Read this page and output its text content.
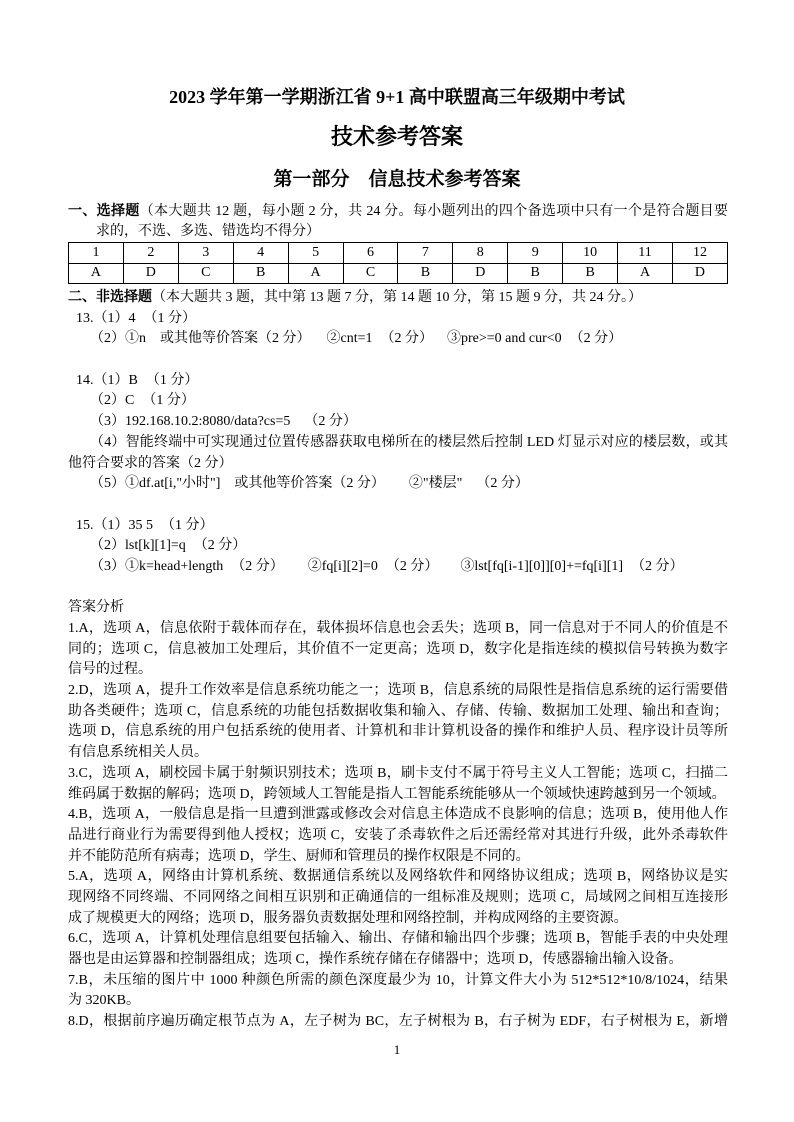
2023 学年第一学期浙江省 9+1 高中联盟高三年级期中考试
技术参考答案
第一部分　信息技术参考答案
一、选择题（本大题共 12 题，每小题 2 分，共 24 分。每小题列出的四个备选项中只有一个是符合题目要
求的，不选、多选、错选均不得分）
1	2	3	4	5	6	7	8	9	10	11	12
A	D	C	B	A	C	B	D	B	B	A	D
二、非选择题（本大题共 3 题，其中第 13 题 7 分，第 14 题 10 分，第 15 题 9 分，共 24 分。）
13.（1）4 （1 分）
（2）①n 或其他等价答案（2 分） ②cnt=1 （2 分） ③pre>=0 and cur<0 （2 分）
14.（1）B （1 分）
（2）C （1 分）
（3）192.168.10.2:8080/data?cs=5 （2 分）
（4）智能终端中可实现通过位置传感器获取电梯所在的楼层然后控制 LED 灯显示对应的楼层数，或其
他符合要求的答案（2 分）
（5）①df.at[i,"小时"] 或其他等价答案（2 分） ②"楼层" （2 分）
15.（1）35 5 （1 分）
（2）lst[k][1]=q （2 分）
（3）①k=head+length （2 分） ②fq[i][2]=0 （2 分） ③lst[fq[i-1][0]][0]+=fq[i][1] （2 分）
答案分析
1.A，选项 A，信息依附于载体而存在，载体损坏信息也会丢失；选项 B，同一信息对于不同人的价值是不
同的；选项 C，信息被加工处理后，其价值不一定更高；选项 D，数字化是指连续的模拟信号转换为数字
信号的过程。
2.D，选项 A，提升工作效率是信息系统功能之一；选项 B，信息系统的局限性是指信息系统的运行需要借
助各类硬件；选项 C，信息系统的功能包括数据收集和输入、存储、传输、数据加工处理、输出和查询；
选项 D，信息系统的用户包括系统的使用者、计算机和非计算机设备的操作和维护人员、程序设计员等所
有信息系统相关人员。
3.C，选项 A，刷校园卡属于射频识别技术；选项 B，刷卡支付不属于符号主义人工智能；选项 C，扫描二
维码属于数据的解码；选项 D，跨领域人工智能是指人工智能系统能够从一个领域快速跨越到另一个领域。
4.B，选项 A，一般信息是指一旦遭到泄露或修改会对信息主体造成不良影响的信息；选项 B，使用他人作
品进行商业行为需要得到他人授权；选项 C，安装了杀毒软件之后还需经常对其进行升级，此外杀毒软件
并不能防范所有病毒；选项 D，学生、厨师和管理员的操作权限是不同的。
5.A，选项 A，网络由计算机系统、数据通信系统以及网络软件和网络协议组成；选项 B，网络协议是实
现网络不同终端、不同网络之间相互识别和正确通信的一组标准及规则；选项 C，局域网之间相互连接形
成了规模更大的网络；选项 D，服务器负责数据处理和网络控制，并构成网络的主要资源。
6.C，选项 A，计算机处理信息组要包括输入、输出、存储和输出四个步骤；选项 B，智能手表的中央处理
器也是由运算器和控制器组成；选项 C，操作系统存储在存储器中；选项 D，传感器输出输入设备。
7.B，未压缩的图片中 1000 种颜色所需的颜色深度最少为 10，计算文件大小为 512*512*10/8/1024，结果
为 320KB。
8.D，根据前序遍历确定根节点为 A，左子树为 BC，左子树根为 B，右子树为 EDF，右子树根为 E，新增
1
